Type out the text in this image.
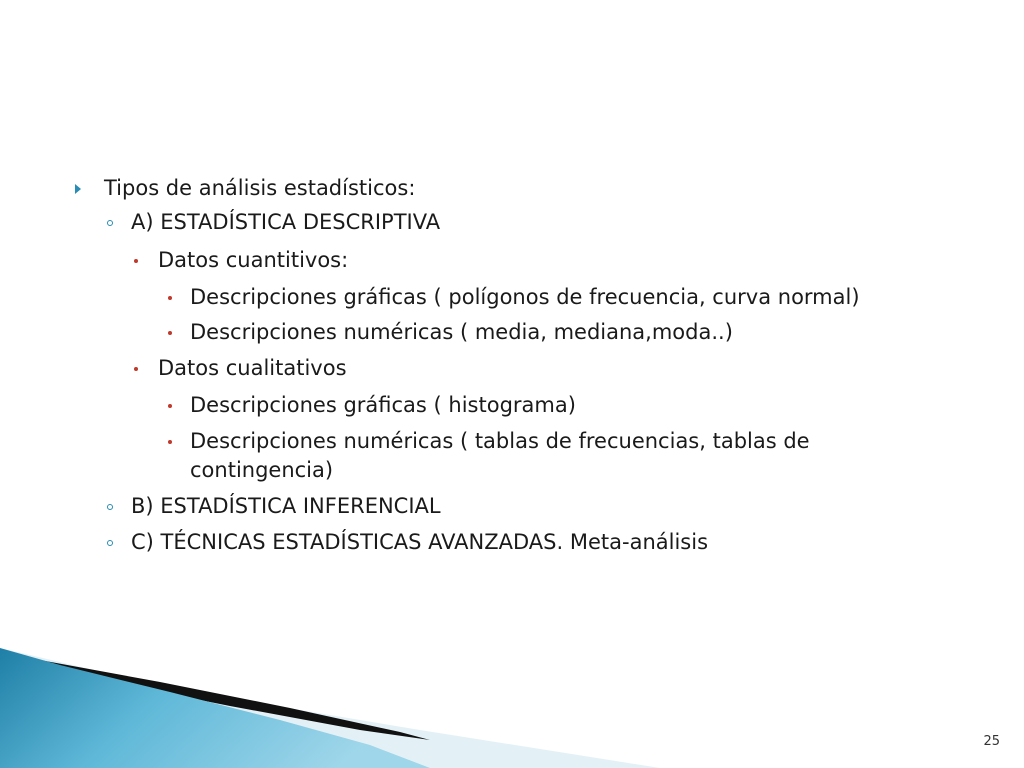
Tipos de análisis estadísticos:
A) ESTADÍSTICA DESCRIPTIVA
Datos cuantitivos:
Descripciones gráficas ( polígonos de frecuencia, curva normal)
Descripciones numéricas ( media, mediana,moda..)
Datos cualitativos
Descripciones gráficas ( histograma)
Descripciones numéricas ( tablas de frecuencias, tablas de
contingencia)
B) ESTADÍSTICA INFERENCIAL
C) TÉCNICAS ESTADÍSTICAS AVANZADAS. Meta-análisis
25
